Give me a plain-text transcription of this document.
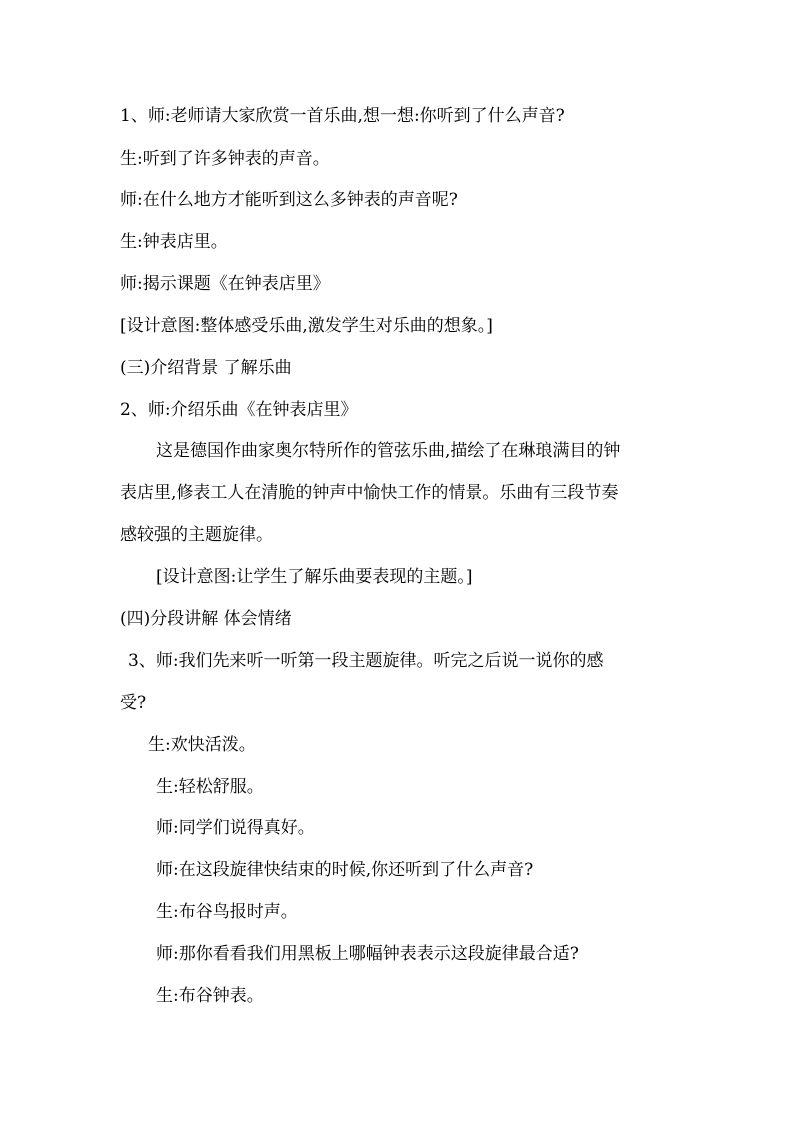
1、师:老师请大家欣赏一首乐曲,想一想:你听到了什么声音?
生:听到了许多钟表的声音。
师:在什么地方才能听到这么多钟表的声音呢?
生:钟表店里。
师:揭示课题《在钟表店里》
[设计意图:整体感受乐曲,激发学生对乐曲的想象。]
(三)介绍背景 了解乐曲
2、师:介绍乐曲《在钟表店里》
这是德国作曲家奥尔特所作的管弦乐曲,描绘了在琳琅满目的钟
表店里,修表工人在清脆的钟声中愉快工作的情景。乐曲有三段节奏
感较强的主题旋律。
[设计意图:让学生了解乐曲要表现的主题。]
(四)分段讲解 体会情绪
3、师:我们先来听一听第一段主题旋律。听完之后说一说你的感
受?
生:欢快活泼。
生:轻松舒服。
师:同学们说得真好。
师:在这段旋律快结束的时候,你还听到了什么声音?
生:布谷鸟报时声。
师:那你看看我们用黑板上哪幅钟表表示这段旋律最合适?
生:布谷钟表。
